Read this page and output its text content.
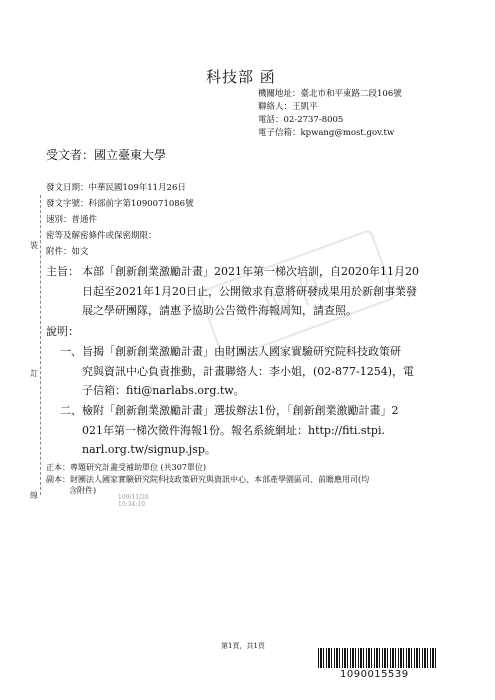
裝
訂
線
科技部 函
機關地址：臺北市和平東路二段106號
聯絡人：王凱平
電話：02-2737-8005
電子信箱：kpwang@most.gov.tw
受文者：國立臺東大學
發文日期：中華民國109年11月26日
發文字號：科部前字第1090071086號
速別：普通件
密等及解密條件或保密期限：
附件：如文
收件
主旨： 本部「創新創業激勵計畫」2021年第一梯次培訓，自2020年11月20
日起至2021年1月20日止，公開徵求有意將研發成果用於新創事業發
展之學研團隊，請惠予協助公告徵件海報周知，請查照。
說明：
一、 旨揭「創新創業激勵計畫」由財團法人國家實驗研究院科技政策研
究與資訊中心負責推動，計畫聯絡人：李小姐，(02-877-1254)，電
子信箱：fiti@narlabs.org.tw。
二、 檢附「創新創業激勵計畫」選拔辦法1份，「創新創業激勵計畫」2
021年第一梯次徵件海報1份。報名系統網址：http://fiti.stpi.
narl.org.tw/signup.jsp。
正本：專題研究計畫受補助單位 (共307單位)
副本：財團法人國家實驗研究院科技政策研究與資訊中心、本部產學園區司、前瞻應用司(均
含附件)
109/11/26
15:34:10
第1頁，共1頁
1090015539
